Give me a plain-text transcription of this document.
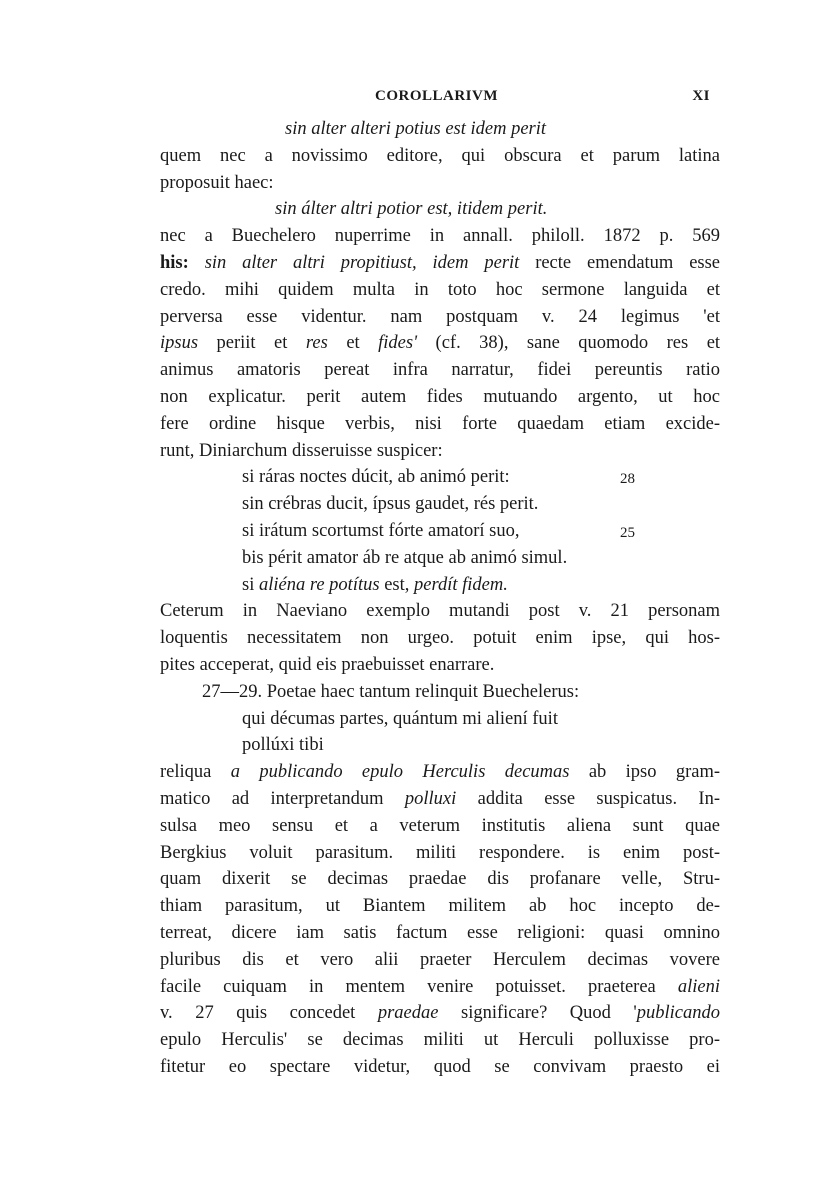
COROLLARIVM	XI
sin alter alteri potius est idem perit
quem nec a novissimo editore, qui obscura et parum latina
proposuit haec:
sin álter altri potior est, itidem perit.
nec a Buechelero nuperrime in annall. philoll. 1872 p. 569
his: sin alter altri propitiust, idem perit recte emendatum esse
credo. mihi quidem multa in toto hoc sermone languida et
perversa esse videntur. nam postquam v. 24 legimus 'et
ipsus periit et res et fides' (cf. 38), sane quomodo res et
animus amatoris pereat infra narratur, fidei pereuntis ratio
non explicatur. perit autem fides mutuando argento, ut hoc
fere ordine hisque verbis, nisi forte quaedam etiam excide-
runt, Diniarchum disseruisse suspicer:
si ráras noctes dúcit, ab animó perit:	28
sin crébras ducit, ípsus gaudet, rés perit.
si irátum scortumst fórte amatorí suo,	25
bis périt amator áb re atque ab animó simul.
si aliéna re potítus est, perdít fidem.
Ceterum in Naeviano exemplo mutandi post v. 21 personam
loquentis necessitatem non urgeo. potuit enim ipse, qui hos-
pites acceperat, quid eis praebuisset enarrare.
27—29. Poetae haec tantum relinquit Buechelerus:
qui décumas partes, quántum mi aliení fuit
pollúxi tibi
reliqua a publicando epulo Herculis decumas ab ipso gram-
matico ad interpretandum polluxi addita esse suspicatus. In-
sulsa meo sensu et a veterum institutis aliena sunt quae
Bergkius voluit parasitum. militi respondere. is enim post-
quam dixerit se decimas praedae dis profanare velle, Stru-
thiam parasitum, ut Biantem militem ab hoc incepto de-
terreat, dicere iam satis factum esse religioni: quasi omnino
pluribus dis et vero alii praeter Herculem decimas vovere
facile cuiquam in mentem venire potuisset. praeterea alieni
v. 27 quis concedet praedae significare? Quod 'publicando
epulo Herculis' se decimas militi ut Herculi polluxisse pro-
fitetur eo spectare videtur, quod se convivam praesto ei
